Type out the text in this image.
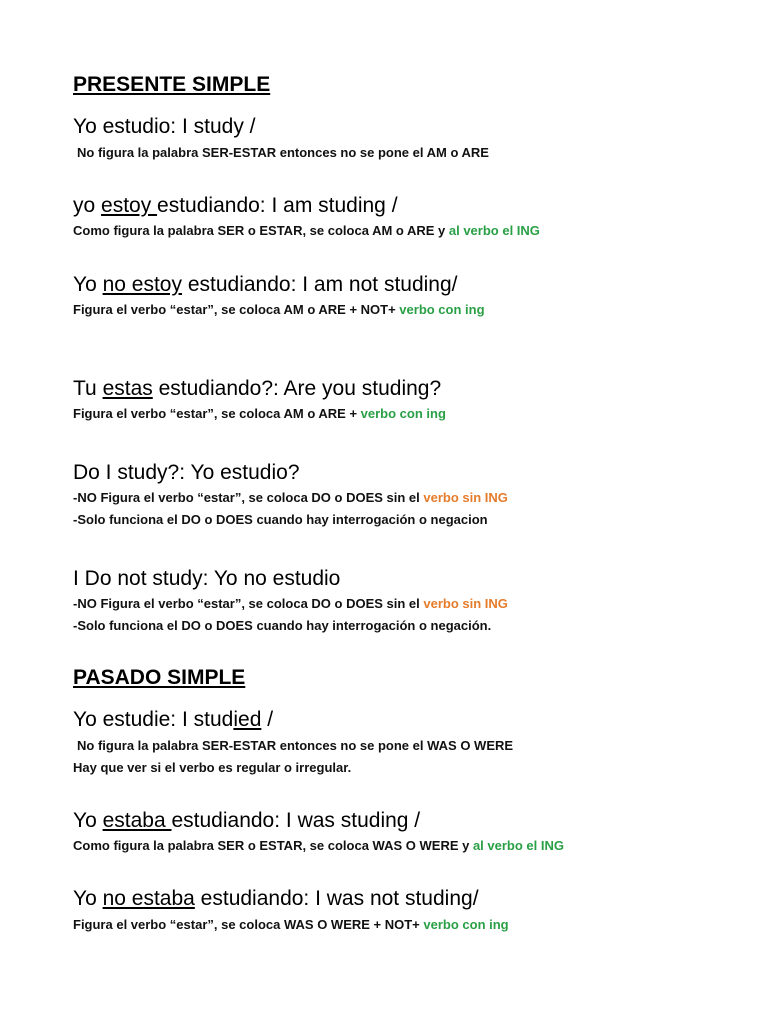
PRESENTE SIMPLE
Yo estudio: I study /
No figura la palabra SER-ESTAR entonces no se pone el AM o ARE
yo estoy estudiando: I am studing /
Como figura la palabra SER o ESTAR, se coloca AM o ARE y al verbo el ING
Yo no estoy estudiando: I am not studing/
Figura el verbo “estar”, se coloca AM o ARE + NOT+ verbo con ing
Tu estas estudiando?: Are you studing?
Figura el verbo “estar”, se coloca AM o ARE + verbo con ing
Do I study?: Yo estudio?
-NO Figura el verbo “estar”, se coloca DO o DOES sin el verbo sin ING
-Solo funciona el DO o DOES cuando hay interrogación o negacion
I Do not study: Yo no estudio
-NO Figura el verbo “estar”, se coloca DO o DOES sin el verbo sin ING
-Solo funciona el DO o DOES cuando hay interrogación o negación.
PASADO SIMPLE
Yo estudie: I studied /
No figura la palabra SER-ESTAR entonces no se pone el WAS O WERE
Hay que ver si el verbo es regular o irregular.
Yo estaba estudiando: I was studing /
Como figura la palabra SER o ESTAR, se coloca WAS O WERE y al verbo el ING
Yo no estaba estudiando: I was not studing/
Figura el verbo “estar”, se coloca WAS O WERE + NOT+ verbo con ing
